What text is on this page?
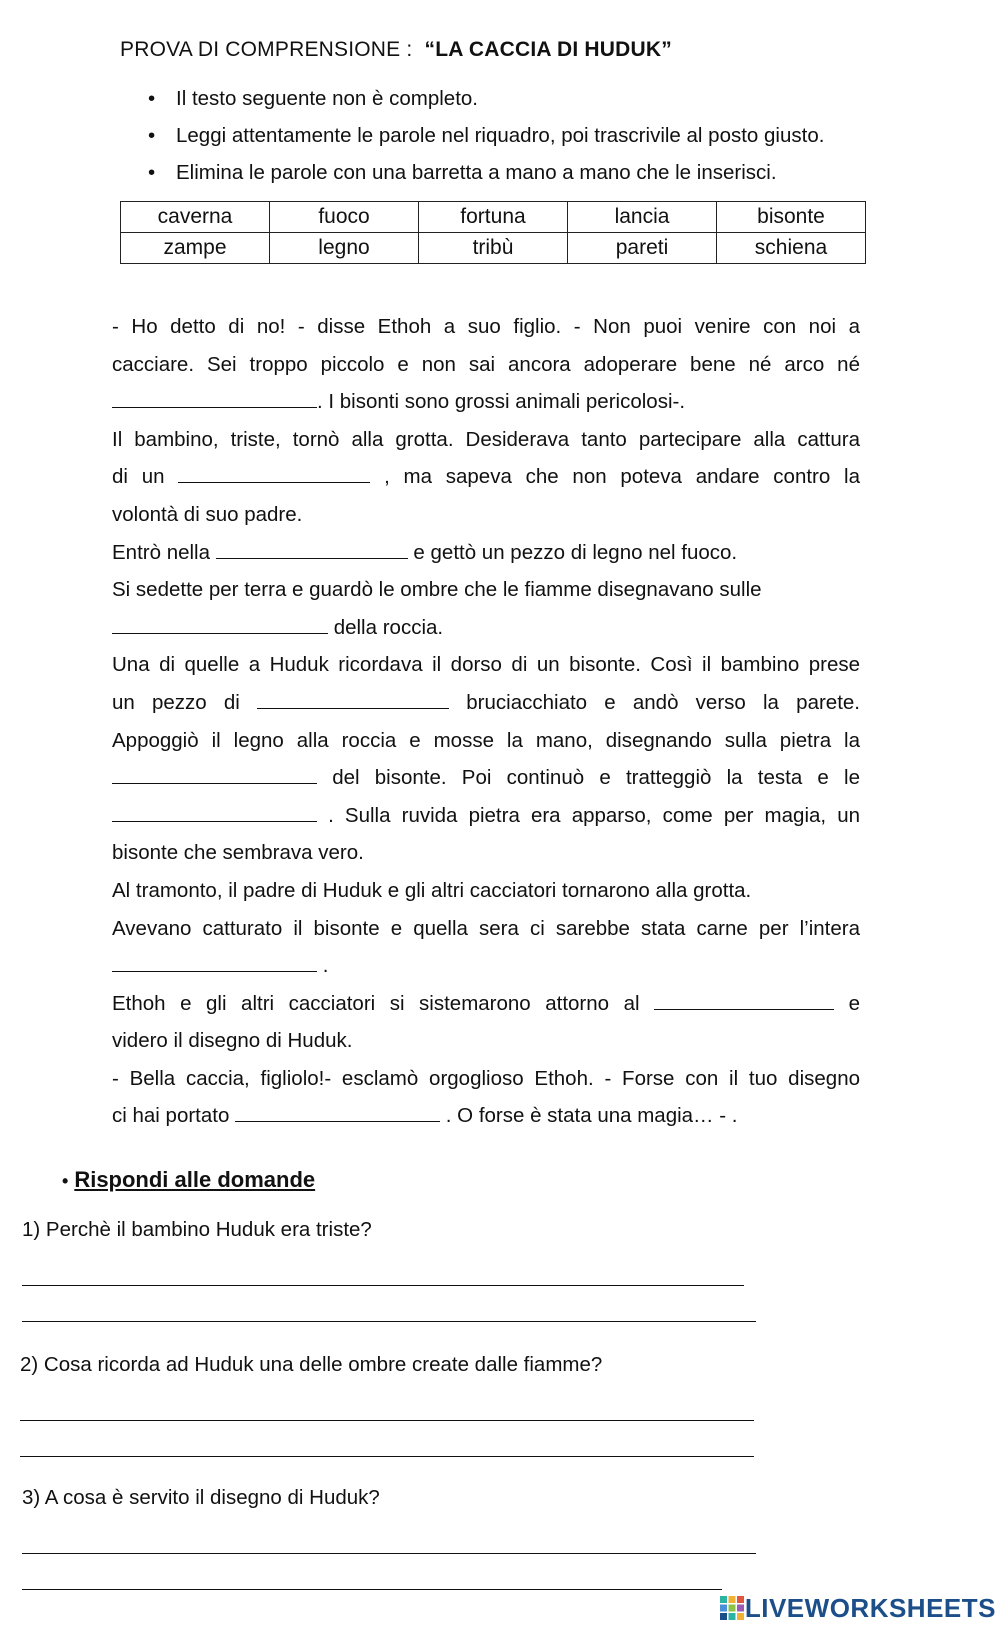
PROVA DI COMPRENSIONE : “LA CACCIA DI HUDUK”
• Il testo seguente non è completo.
• Leggi attentamente le parole nel riquadro, poi trascrivile al posto giusto.
• Elimina le parole con una barretta a mano a mano che le inserisci.
caverna	fuoco	fortuna	lancia	bisonte
zampe	legno	tribù	pareti	schiena

- Ho detto di no! - disse Ethoh a suo figlio. - Non puoi venire con noi a

cacciare. Sei troppo piccolo e non sai ancora adoperare bene né arco né

. I bisonti sono grossi animali pericolosi-.

Il bambino, triste, tornò alla grotta. Desiderava tanto partecipare alla cattura

di un	, ma sapeva che non poteva andare contro la

volontà di suo padre.

Entrò nella	e gettò un pezzo di legno nel fuoco.

Si sedette per terra e guardò le ombre che le fiamme disegnavano sulle

della roccia.

Una di quelle a Huduk ricordava il dorso di un bisonte. Così il bambino prese

un pezzo di	bruciacchiato e andò verso la parete.

Appoggiò il legno alla roccia e mosse la mano, disegnando sulla pietra la

del bisonte. Poi continuò e tratteggiò la testa e le

. Sulla ruvida pietra era apparso, come per magia, un

bisonte che sembrava vero.

Al tramonto, il padre di Huduk e gli altri cacciatori tornarono alla grotta.

Avevano catturato il bisonte e quella sera ci sarebbe stata carne per l’intera

.

Ethoh e gli altri cacciatori si sistemarono attorno al	e

videro il disegno di Huduk.

- Bella caccia, figliolo!- esclamò orgoglioso Ethoh. - Forse con il tuo disegno

ci hai portato	. O forse è stata una magia… - .

• Rispondi alle domande
1) Perchè il bambino Huduk era triste?
2) Cosa ricorda ad Huduk una delle ombre create dalle fiamme?
3) A cosa è servito il disegno di Huduk?
LIVEWORKSHEETS
